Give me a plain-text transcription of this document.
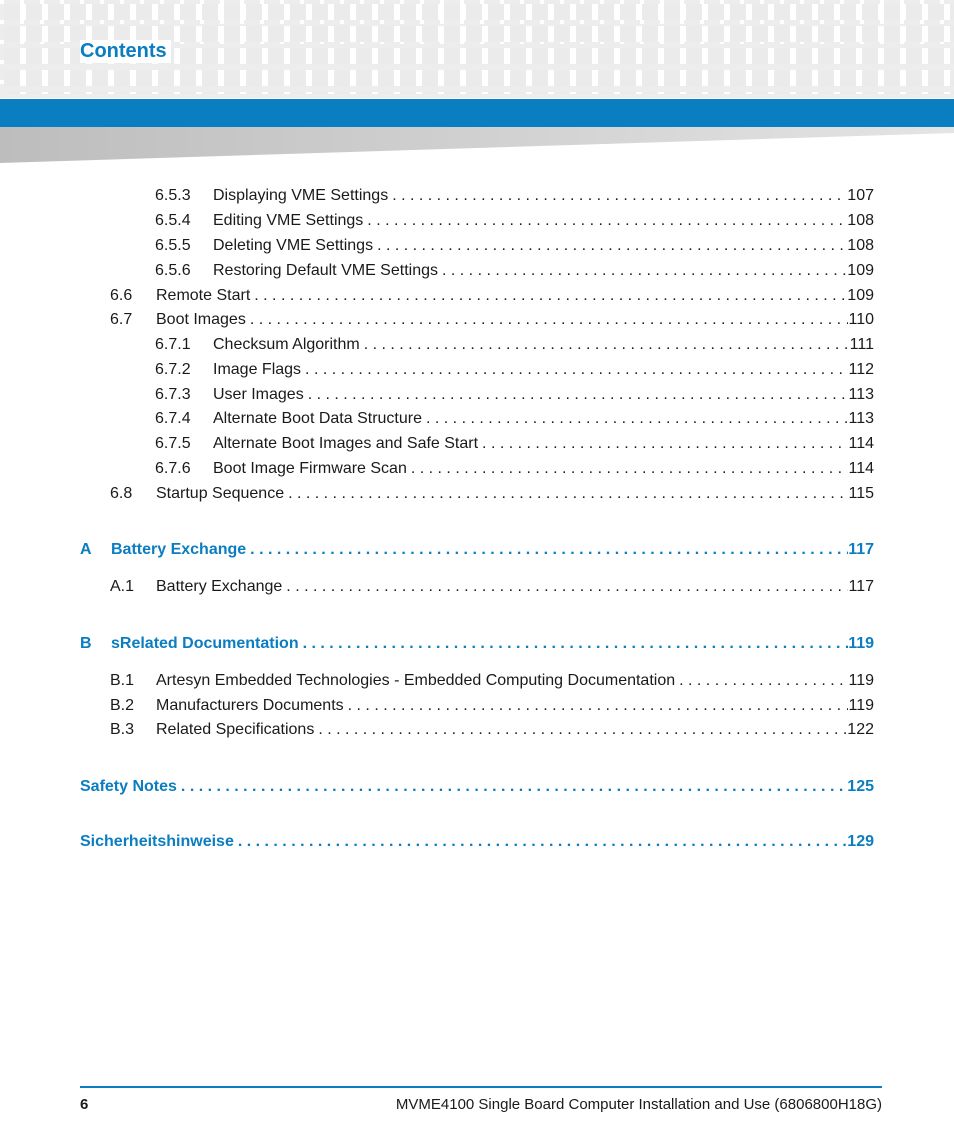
Contents
6.5.3	Displaying VME Settings . . .	107
6.5.4	Editing VME Settings . . .	108
6.5.5	Deleting VME Settings . . .	108
6.5.6	Restoring Default VME Settings . . .	109
6.6	Remote Start . . .	109
6.7	Boot Images . . .	110
6.7.1	Checksum Algorithm . . .	111
6.7.2	Image Flags . . .	112
6.7.3	User Images . . .	113
6.7.4	Alternate Boot Data Structure . . .	113
6.7.5	Alternate Boot Images and Safe Start . . .	114
6.7.6	Boot Image Firmware Scan . . .	114
6.8	Startup Sequence . . .	115
A	Battery Exchange . . .	117
A.1	Battery Exchange . . .	117
B	sRelated Documentation . . .	119
B.1	Artesyn Embedded Technologies - Embedded Computing Documentation . . .	119
B.2	Manufacturers Documents . . .	119
B.3	Related Specifications . . .	122
Safety Notes . . .	125
Sicherheitshinweise . . .	129
6	MVME4100 Single Board Computer Installation and Use (6806800H18G)
